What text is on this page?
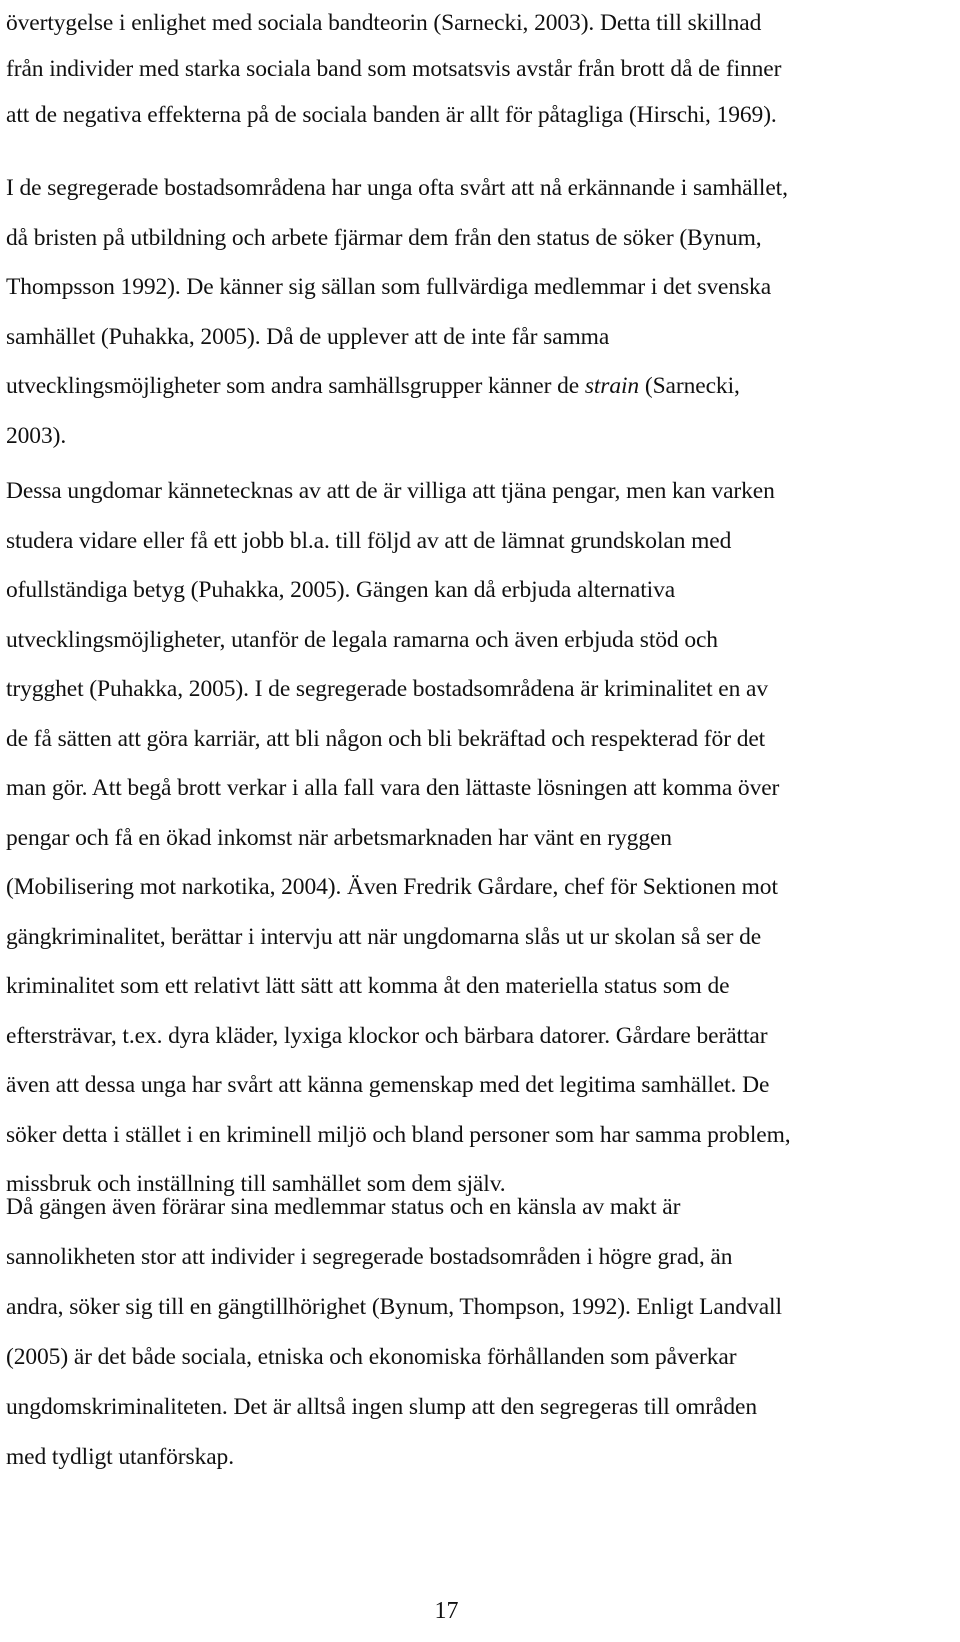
övertygelse i enlighet med sociala bandteorin (Sarnecki, 2003). Detta till skillnad
från individer med starka sociala band som motsatsvis avstår från brott då de finner
att de negativa effekterna på de sociala banden är allt för påtagliga (Hirschi, 1969).
I de segregerade bostadsområdena har unga ofta svårt att nå erkännande i samhället,
då bristen på utbildning och arbete fjärmar dem från den status de söker (Bynum,
Thompsson 1992). De känner sig sällan som fullvärdiga medlemmar i det svenska
samhället (Puhakka, 2005). Då de upplever att de inte får samma
utvecklingsmöjligheter som andra samhällsgrupper känner de strain (Sarnecki,
2003).
Dessa ungdomar kännetecknas av att de är villiga att tjäna pengar, men kan varken
studera vidare eller få ett jobb bl.a. till följd av att de lämnat grundskolan med
ofullständiga betyg (Puhakka, 2005). Gängen kan då erbjuda alternativa
utvecklingsmöjligheter, utanför de legala ramarna och även erbjuda stöd och
trygghet (Puhakka, 2005). I de segregerade bostadsområdena är kriminalitet en av
de få sätten att göra karriär, att bli någon och bli bekräftad och respekterad för det
man gör. Att begå brott verkar i alla fall vara den lättaste lösningen att komma över
pengar och få en ökad inkomst när arbetsmarknaden har vänt en ryggen
(Mobilisering mot narkotika, 2004). Även Fredrik Gårdare, chef för Sektionen mot
gängkriminalitet, berättar i intervju att när ungdomarna slås ut ur skolan så ser de
kriminalitet som ett relativt lätt sätt att komma åt den materiella status som de
eftersträvar, t.ex. dyra kläder, lyxiga klockor och bärbara datorer. Gårdare berättar
även att dessa unga har svårt att känna gemenskap med det legitima samhället. De
söker detta i stället i en kriminell miljö och bland personer som har samma problem,
missbruk och inställning till samhället som dem själv.
Då gängen även förärar sina medlemmar status och en känsla av makt är
sannolikheten stor att individer i segregerade bostadsområden i högre grad, än
andra, söker sig till en gängtillhörighet (Bynum, Thompson, 1992). Enligt Landvall
(2005) är det både sociala, etniska och ekonomiska förhållanden som påverkar
ungdomskriminaliteten. Det är alltså ingen slump att den segregeras till områden
med tydligt utanförskap.
17
